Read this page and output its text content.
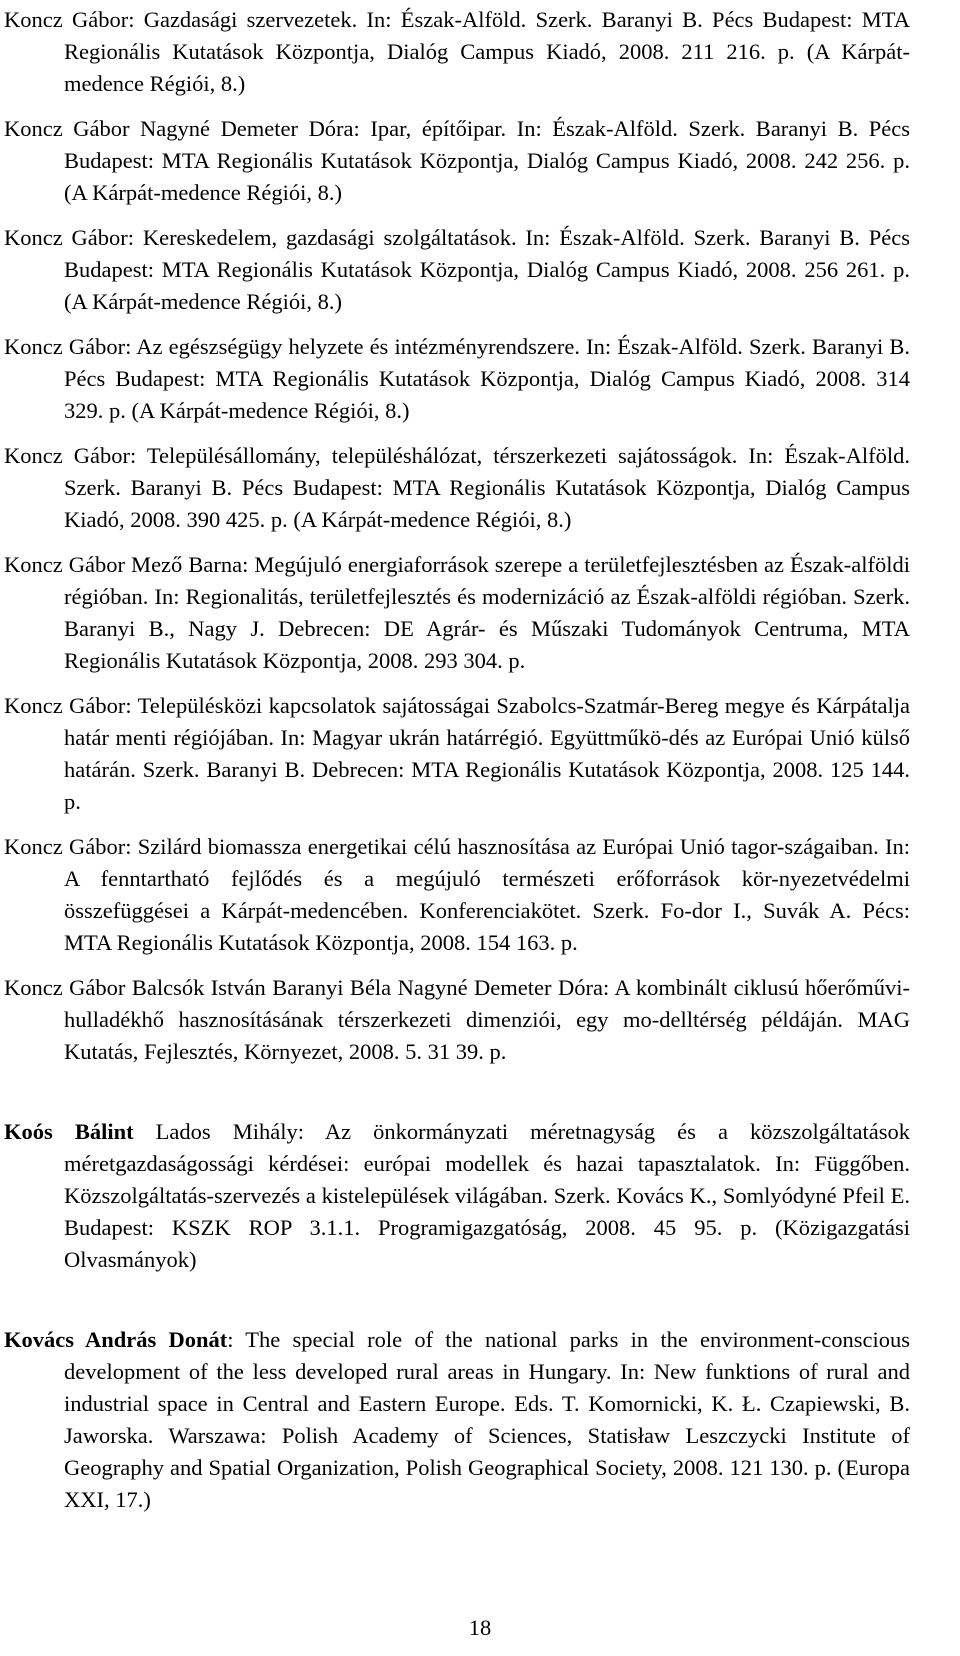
Koncz Gábor: Gazdasági szervezetek. In: Észak-Alföld. Szerk. Baranyi B. Pécs Budapest: MTA Regionális Kutatások Központja, Dialóg Campus Kiadó, 2008. 211 216. p. (A Kárpát-medence Régiói, 8.)

Koncz Gábor Nagyné Demeter Dóra: Ipar, építőipar. In: Észak-Alföld. Szerk. Baranyi B. Pécs Budapest: MTA Regionális Kutatások Központja, Dialóg Campus Kiadó, 2008. 242 256. p. (A Kárpát-medence Régiói, 8.)

Koncz Gábor: Kereskedelem, gazdasági szolgáltatások. In: Észak-Alföld. Szerk. Baranyi B. Pécs Budapest: MTA Regionális Kutatások Központja, Dialóg Campus Kiadó, 2008. 256 261. p. (A Kárpát-medence Régiói, 8.)

Koncz Gábor: Az egészségügy helyzete és intézményrendszere. In: Észak-Alföld. Szerk. Baranyi B. Pécs Budapest: MTA Regionális Kutatások Központja, Dialóg Campus Kiadó, 2008. 314 329. p. (A Kárpát-medence Régiói, 8.)

Koncz Gábor: Településállomány, településhálózat, térszerkezeti sajátosságok. In: Észak-Alföld. Szerk. Baranyi B. Pécs Budapest: MTA Regionális Kutatások Központja, Dialóg Campus Kiadó, 2008. 390 425. p. (A Kárpát-medence Régiói, 8.)

Koncz Gábor Mező Barna: Megújuló energiaforrások szerepe a területfejlesztésben az Észak-alföldi régióban. In: Regionalitás, területfejlesztés és modernizáció az Észak-alföldi régióban. Szerk. Baranyi B., Nagy J. Debrecen: DE Agrár- és Műszaki Tudományok Centruma, MTA Regionális Kutatások Központja, 2008. 293 304. p.

Koncz Gábor: Településközi kapcsolatok sajátosságai Szabolcs-Szatmár-Bereg megye és Kárpátalja határ menti régiójában. In: Magyar ukrán határrégió. Együttműkö-dés az Európai Unió külső határán. Szerk. Baranyi B. Debrecen: MTA Regionális Kutatások Központja, 2008. 125 144. p.

Koncz Gábor: Szilárd biomassza energetikai célú hasznosítása az Európai Unió tagor-szágaiban. In: A fenntartható fejlődés és a megújuló természeti erőforrások kör-nyezetvédelmi összefüggései a Kárpát-medencében. Konferenciakötet. Szerk. Fo-dor I., Suvák A. Pécs: MTA Regionális Kutatások Központja, 2008. 154 163. p.

Koncz Gábor Balcsók István Baranyi Béla Nagyné Demeter Dóra: A kombinált ciklusú hőerőművi-hulladékhő hasznosításának térszerkezeti dimenziói, egy mo-delltérség példáján. MAG Kutatás, Fejlesztés, Környezet, 2008. 5. 31 39. p.

Koós Bálint Lados Mihály: Az önkormányzati méretnagyság és a közszolgáltatások méretgazdaságossági kérdései: európai modellek és hazai tapasztalatok. In: Függőben. Közszolgáltatás-szervezés a kistelepülések világában. Szerk. Kovács K., Somlyódyné Pfeil E. Budapest: KSZK ROP 3.1.1. Programigazgatóság, 2008. 45 95. p. (Közigazgatási Olvasmányok)

Kovács András Donát: The special role of the national parks in the environment-conscious development of the less developed rural areas in Hungary. In: New funktions of rural and industrial space in Central and Eastern Europe. Eds. T. Komornicki, K. Ł. Czapiewski, B. Jaworska. Warszawa: Polish Academy of Sciences, Statisław Leszczycki Institute of Geography and Spatial Organization, Polish Geographical Society, 2008. 121 130. p. (Europa XXI, 17.)

18
